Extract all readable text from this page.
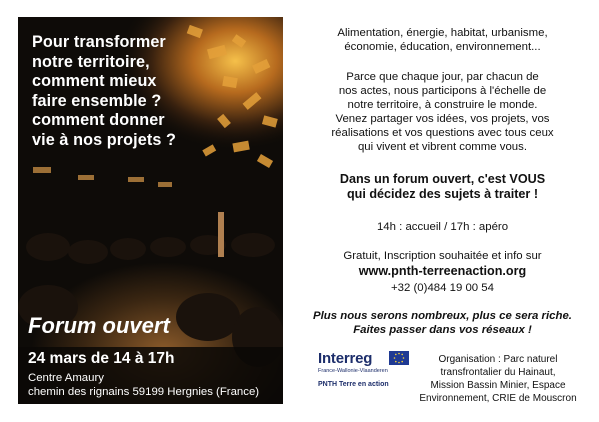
Pour transformer
notre territoire,
comment mieux
faire ensemble ?
comment donner
vie à nos projets ?
Forum ouvert
24 mars de 14 à 17h
Centre Amaury
chemin des rignains 59199 Hergnies (France)
Alimentation, énergie, habitat, urbanisme,
économie, éducation, environnement...
Parce que chaque jour, par chacun de
nos actes, nous participons à l'échelle de
notre territoire, à construire le monde.
Venez partager vos idées, vos projets, vos
réalisations et vos questions avec tous ceux
qui vivent et vibrent comme vous.
Dans un forum ouvert, c'est VOUS
qui décidez des sujets à traiter !
14h : accueil / 17h : apéro
Gratuit, Inscription souhaitée et info sur
www.pnth-terreenaction.org
+32 (0)484 19 00 54
Plus nous serons nombreux, plus ce sera riche.
Faites passer dans vos réseaux !
Interreg
France-Wallonie-Vlaanderen
PNTH Terre en action
Organisation : Parc naturel
transfrontalier du Hainaut,
Mission Bassin Minier, Espace
Environnement, CRIE de Mouscron
